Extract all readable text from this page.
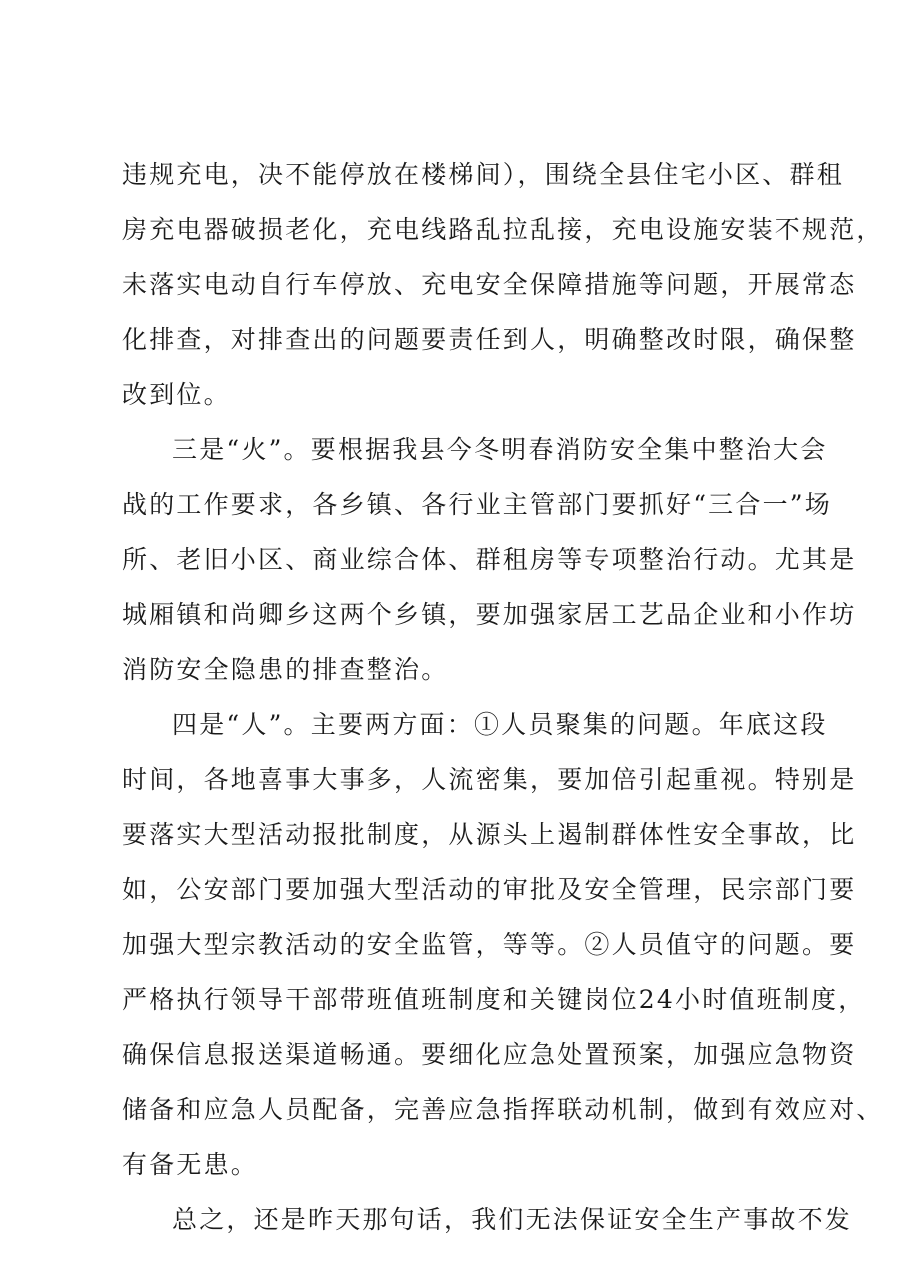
违规充电，决不能停放在楼梯间），围绕全县住宅小区、群租
房充电器破损老化，充电线路乱拉乱接，充电设施安装不规范，
未落实电动自行车停放、充电安全保障措施等问题，开展常态
化排查，对排查出的问题要责任到人，明确整改时限，确保整
改到位。
三是“火”。要根据我县今冬明春消防安全集中整治大会
战的工作要求，各乡镇、各行业主管部门要抓好“三合一”场
所、老旧小区、商业综合体、群租房等专项整治行动。尤其是
城厢镇和尚卿乡这两个乡镇，要加强家居工艺品企业和小作坊
消防安全隐患的排查整治。
四是“人”。主要两方面：①人员聚集的问题。年底这段
时间，各地喜事大事多，人流密集，要加倍引起重视。特别是
要落实大型活动报批制度，从源头上遏制群体性安全事故，比
如，公安部门要加强大型活动的审批及安全管理，民宗部门要
加强大型宗教活动的安全监管，等等。②人员值守的问题。要
严格执行领导干部带班值班制度和关键岗位24小时值班制度，
确保信息报送渠道畅通。要细化应急处置预案，加强应急物资
储备和应急人员配备，完善应急指挥联动机制，做到有效应对、
有备无患。
总之，还是昨天那句话，我们无法保证安全生产事故不发
